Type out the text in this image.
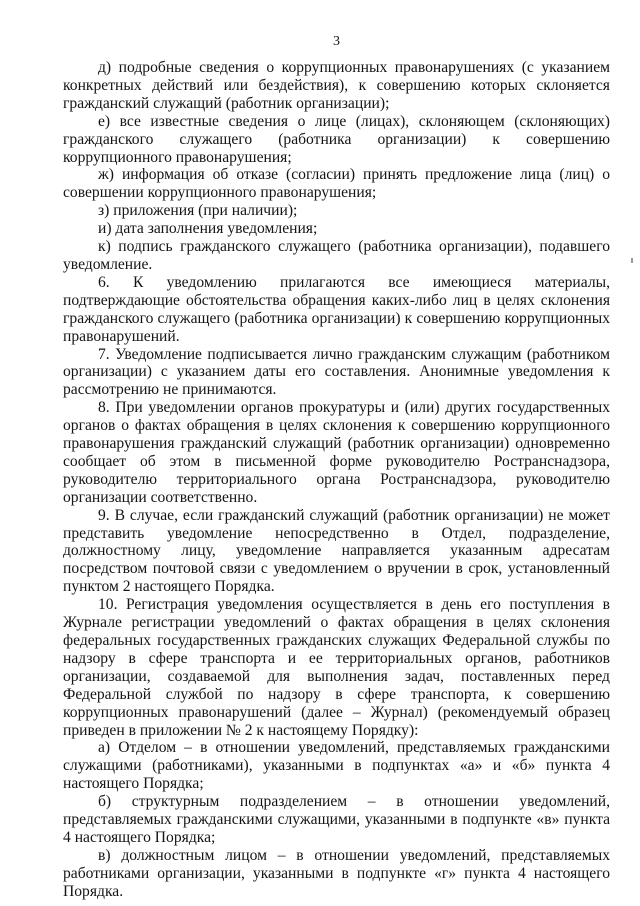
3

д) подробные сведения о коррупционных правонарушениях (с указанием конкретных действий или бездействия), к совершению которых склоняется гражданский служащий (работник организации);

е) все известные сведения о лице (лицах), склоняющем (склоняющих) гражданского служащего (работника организации) к совершению коррупционного правонарушения;

ж) информация об отказе (согласии) принять предложение лица (лиц) о совершении коррупционного правонарушения;

з) приложения (при наличии);

и) дата заполнения уведомления;

к) подпись гражданского служащего (работника организации), подавшего уведомление.

6. К уведомлению прилагаются все имеющиеся материалы, подтверждающие обстоятельства обращения каких-либо лиц в целях склонения гражданского служащего (работника организации) к совершению коррупционных правонарушений.

7. Уведомление подписывается лично гражданским служащим (работником организации) с указанием даты его составления. Анонимные уведомления к рассмотрению не принимаются.

8. При уведомлении органов прокуратуры и (или) других государственных органов о фактах обращения в целях склонения к совершению коррупционного правонарушения гражданский служащий (работник организации) одновременно сообщает об этом в письменной форме руководителю Ространснадзора, руководителю территориального органа Ространснадзора, руководителю организации соответственно.

9. В случае, если гражданский служащий (работник организации) не может представить уведомление непосредственно в Отдел, подразделение, должностному лицу, уведомление направляется указанным адресатам посредством почтовой связи с уведомлением о вручении в срок, установленный пунктом 2 настоящего Порядка.

10. Регистрация уведомления осуществляется в день его поступления в Журнале регистрации уведомлений о фактах обращения в целях склонения федеральных государственных гражданских служащих Федеральной службы по надзору в сфере транспорта и ее территориальных органов, работников организации, создаваемой для выполнения задач, поставленных перед Федеральной службой по надзору в сфере транспорта, к совершению коррупционных правонарушений (далее – Журнал) (рекомендуемый образец приведен в приложении № 2 к настоящему Порядку):

а) Отделом – в отношении уведомлений, представляемых гражданскими служащими (работниками), указанными в подпунктах «а» и «б» пункта 4 настоящего Порядка;

б) структурным подразделением – в отношении уведомлений, представляемых гражданскими служащими, указанными в подпункте «в» пункта 4 настоящего Порядка;

в) должностным лицом – в отношении уведомлений, представляемых работниками организации, указанными в подпункте «г» пункта 4 настоящего Порядка.
